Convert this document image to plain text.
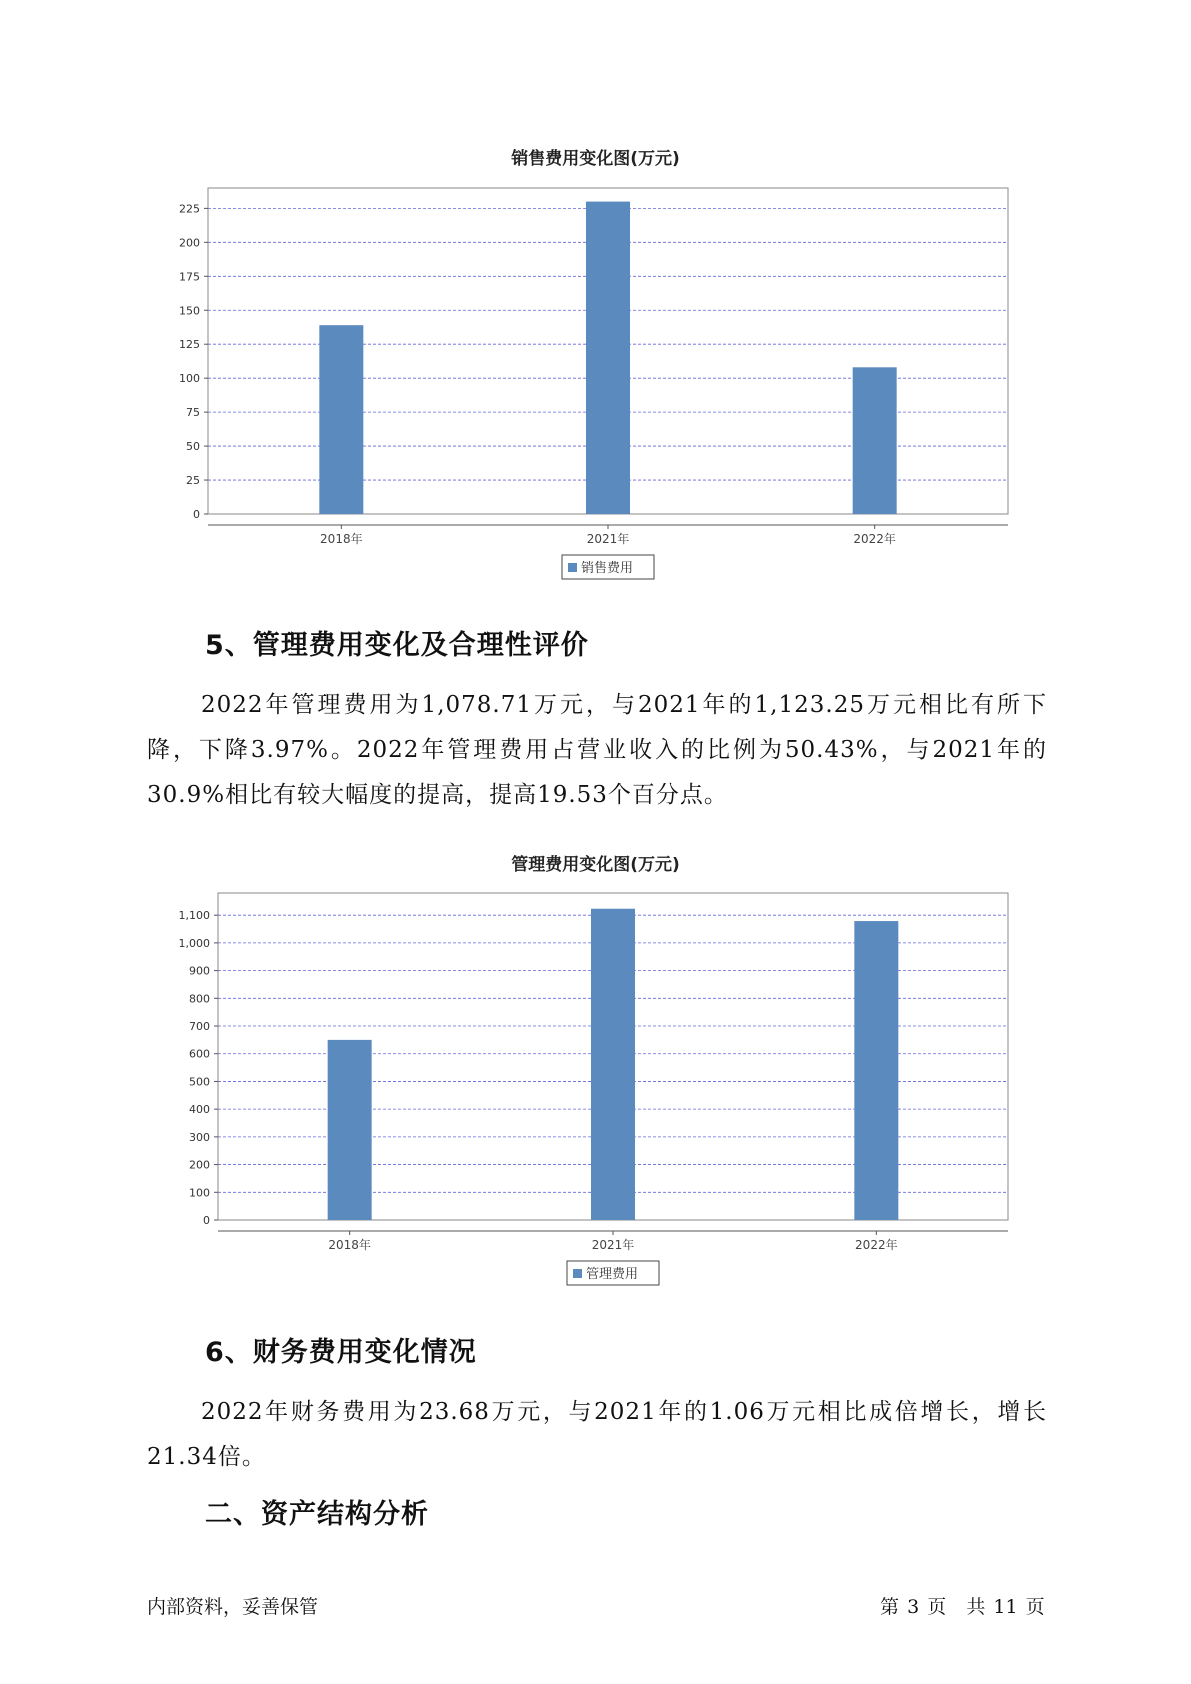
销售费用变化图(万元)
0
25
50
75
100
125
150
175
200
225
2018年	2021年	2022年
销售费用
5、管理费用变化及合理性评价
2022年管理费用为1,078.71万元，与2021年的1,123.25万元相比有所下降，下降3.97%。2022年管理费用占营业收入的比例为50.43%，与2021年的30.9%相比有较大幅度的提高，提高19.53个百分点。
管理费用变化图(万元)
0
100
200
300
400
500
600
700
800
900
1,000
1,100
2018年	2021年	2022年
管理费用
6、财务费用变化情况
2022年财务费用为23.68万元，与2021年的1.06万元相比成倍增长，增长21.34倍。
二、资产结构分析
内部资料，妥善保管	第 3 页 共 11 页
